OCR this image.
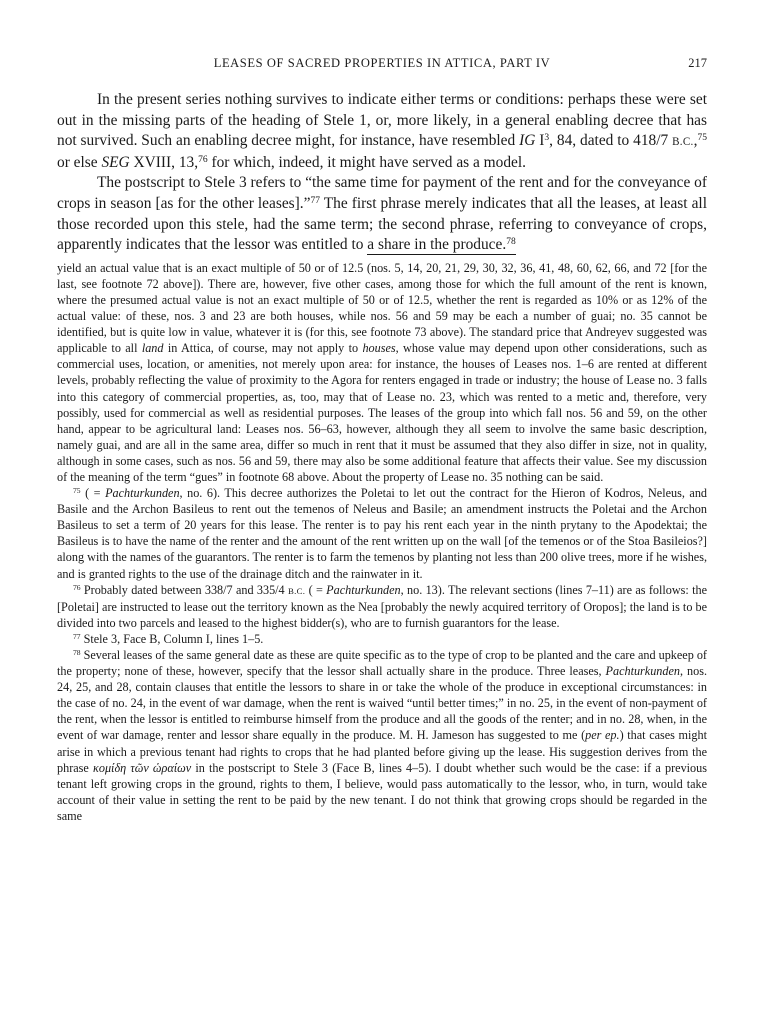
LEASES OF SACRED PROPERTIES IN ATTICA, PART IV	217

In the present series nothing survives to indicate either terms or conditions: perhaps these were set out in the missing parts of the heading of Stele 1, or, more likely, in a general enabling decree that has not survived. Such an enabling decree might, for instance, have resembled IG $I^3$, 84, dated to 418/7 B.C.,$^{75}$ or else SEG XVIII, 13,76 for which, indeed, it might have served as a model.

The postscript to Stele 3 refers to “the same time for payment of the rent and for the conveyance of crops in season [as for the other leases].”$^{77}$ The first phrase merely indicates that all the leases, at least all those recorded upon this stele, had the same term; the second phrase, referring to conveyance of crops, apparently indicates that the lessor was entitled to a share in the produce.$^{78}$

yield an actual value that is an exact multiple of 50 or of 12.5 (nos. 5, 14, 20, 21, 29, 30, 32, 36, 41, 48, 60, 62, 66, and 72 [for the last, see footnote 72 above]). There are, however, five other cases, among those for which the full amount of the rent is known, where the presumed actual value is not an exact multiple of 50 or of 12.5, whether the rent is regarded as 10% or as 12% of the actual value: of these, nos. 3 and 23 are both houses, while nos. 56 and 59 may be each a number of guai; no. 35 cannot be identified, but is quite low in value, whatever it is (for this, see footnote 73 above). The standard price that Andreyev suggested was applicable to all land in Attica, of course, may not apply to houses, whose value may depend upon other considerations, such as commercial uses, location, or amenities, not merely upon area: for instance, the houses of Leases nos. 1–6 are rented at different levels, probably reflecting the value of proximity to the Agora for renters engaged in trade or industry; the house of Lease no. 3 falls into this category of commercial properties, as, too, may that of Lease no. 23, which was rented to a metic and, therefore, very possibly, used for commercial as well as residential purposes. The leases of the group into which fall nos. 56 and 59, on the other hand, appear to be agricultural land: Leases nos. 56–63, however, although they all seem to involve the same basic description, namely guai, and are all in the same area, differ so much in rent that it must be assumed that they also differ in size, not in quality, although in some cases, such as nos. 56 and 59, there may also be some additional feature that affects their value. See my discussion of the meaning of the term “gues” in footnote 68 above. About the property of Lease no. 35 nothing can be said.

$^{75}$ ( = Pachturkunden, no. 6). This decree authorizes the Poletai to let out the contract for the Hieron of Kodros, Neleus, and Basile and the Archon Basileus to rent out the temenos of Neleus and Basile; an amendment instructs the Poletai and the Archon Basileus to set a term of 20 years for this lease. The renter is to pay his rent each year in the ninth prytany to the Apodektai; the Basileus is to have the name of the renter and the amount of the rent written up on the wall [of the temenos or of the Stoa Basileios?] along with the names of the guarantors. The renter is to farm the temenos by planting not less than 200 olive trees, more if he wishes, and is granted rights to the use of the drainage ditch and the rainwater in it.

$^{76}$ Probably dated between 338/7 and 335/4 B.C. ( = Pachturkunden, no. 13). The relevant sections (lines 7–11) are as follows: the [Poletai] are instructed to lease out the territory known as the Nea [probably the newly acquired territory of Oropos]; the land is to be divided into two parcels and leased to the highest bidder(s), who are to furnish guarantors for the lease.

$^{77}$ Stele 3, Face B, Column I, lines 1–5.

$^{78}$ Several leases of the same general date as these are quite specific as to the type of crop to be planted and the care and upkeep of the property; none of these, however, specify that the lessor shall actually share in the produce. Three leases, Pachturkunden, nos. 24, 25, and 28, contain clauses that entitle the lessors to share in or take the whole of the produce in exceptional circumstances: in the case of no. 24, in the event of war damage, when the rent is waived “until better times;” in no. 25, in the event of non-payment of the rent, when the lessor is entitled to reimburse himself from the produce and all the goods of the renter; and in no. 28, when, in the event of war damage, renter and lessor share equally in the produce. M. H. Jameson has suggested to me (per ep.) that cases might arise in which a previous tenant had rights to crops that he had planted before giving up the lease. His suggestion derives from the phrase κομίδη τῶν ὡραίων in the postscript to Stele 3 (Face B, lines 4–5). I doubt whether such would be the case: if a previous tenant left growing crops in the ground, rights to them, I believe, would pass automatically to the lessor, who, in turn, would take account of their value in setting the rent to be paid by the new tenant. I do not think that growing crops should be regarded in the same
